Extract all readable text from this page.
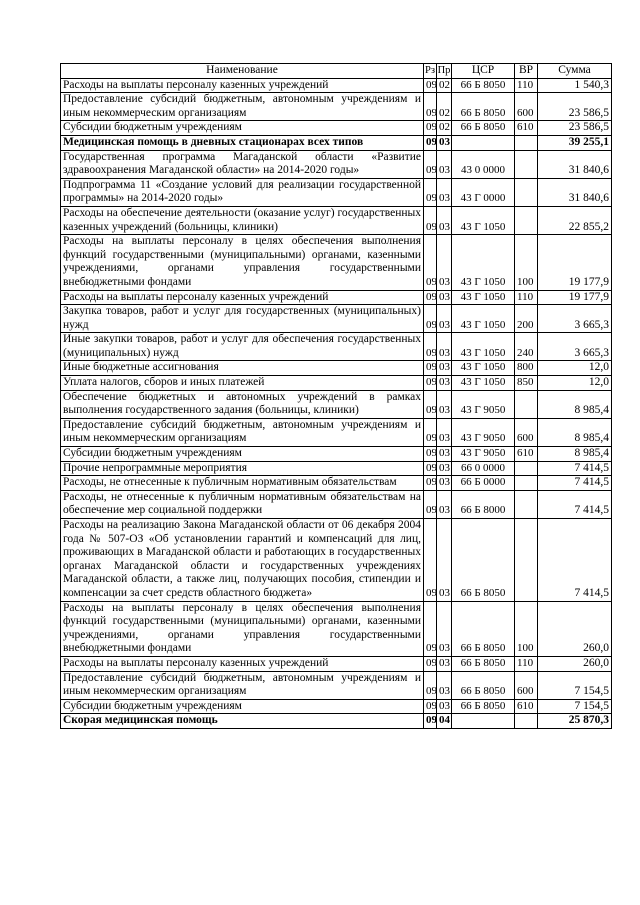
Наименование	Рз	Пр	ЦСР	ВР	Сумма
Расходы на выплаты персоналу казенных учреждений	09	02	66 Б 8050	110	1 540,3
Предоставление субсидий бюджетным, автономным учреждениям и иным некоммерческим организациям	09	02	66 Б 8050	600	23 586,5
Субсидии бюджетным учреждениям	09	02	66 Б 8050	610	23 586,5
Медицинская помощь в дневных стационарах всех типов	09	03			39 255,1
Государственная программа Магаданской области «Развитие здравоохранения Магаданской области» на 2014-2020 годы»	09	03	43 0 0000		31 840,6
Подпрограмма 11 «Создание условий для реализации государственной программы» на 2014-2020 годы»	09	03	43 Г 0000		31 840,6
Расходы на обеспечение деятельности (оказание услуг) государственных казенных учреждений (больницы, клиники)	09	03	43 Г 1050		22 855,2
Расходы на выплаты персоналу в целях обеспечения выполнения функций государственными (муниципальными) органами, казенными учреждениями, органами управления государственными внебюджетными фондами	09	03	43 Г 1050	100	19 177,9
Расходы на выплаты персоналу казенных учреждений	09	03	43 Г 1050	110	19 177,9
Закупка товаров, работ и услуг для государственных (муниципальных) нужд	09	03	43 Г 1050	200	3 665,3
Иные закупки товаров, работ и услуг для обеспечения государственных (муниципальных) нужд	09	03	43 Г 1050	240	3 665,3
Иные бюджетные ассигнования	09	03	43 Г 1050	800	12,0
Уплата налогов, сборов и иных платежей	09	03	43 Г 1050	850	12,0
Обеспечение бюджетных и автономных учреждений в рамках выполнения государственного задания (больницы, клиники)	09	03	43 Г 9050		8 985,4
Предоставление субсидий бюджетным, автономным учреждениям и иным некоммерческим организациям	09	03	43 Г 9050	600	8 985,4
Субсидии бюджетным учреждениям	09	03	43 Г 9050	610	8 985,4
Прочие непрограммные мероприятия	09	03	66 0 0000		7 414,5
Расходы, не отнесенные к публичным нормативным обязательствам	09	03	66 Б 0000		7 414,5
Расходы, не отнесенные к публичным нормативным обязательствам на обеспечение мер социальной поддержки	09	03	66 Б 8000		7 414,5
Расходы на реализацию Закона Магаданской области от 06 декабря 2004 года № 507-ОЗ «Об установлении гарантий и компенсаций для лиц, проживающих в Магаданской области и работающих в государственных органах Магаданской области и государственных учреждениях Магаданской области, а также лиц, получающих пособия, стипендии и компенсации за счет средств областного бюджета»	09	03	66 Б 8050		7 414,5
Расходы на выплаты персоналу в целях обеспечения выполнения функций государственными (муниципальными) органами, казенными учреждениями, органами управления государственными внебюджетными фондами	09	03	66 Б 8050	100	260,0
Расходы на выплаты персоналу казенных учреждений	09	03	66 Б 8050	110	260,0
Предоставление субсидий бюджетным, автономным учреждениям и иным некоммерческим организациям	09	03	66 Б 8050	600	7 154,5
Субсидии бюджетным учреждениям	09	03	66 Б 8050	610	7 154,5
Скорая медицинская помощь	09	04			25 870,3
